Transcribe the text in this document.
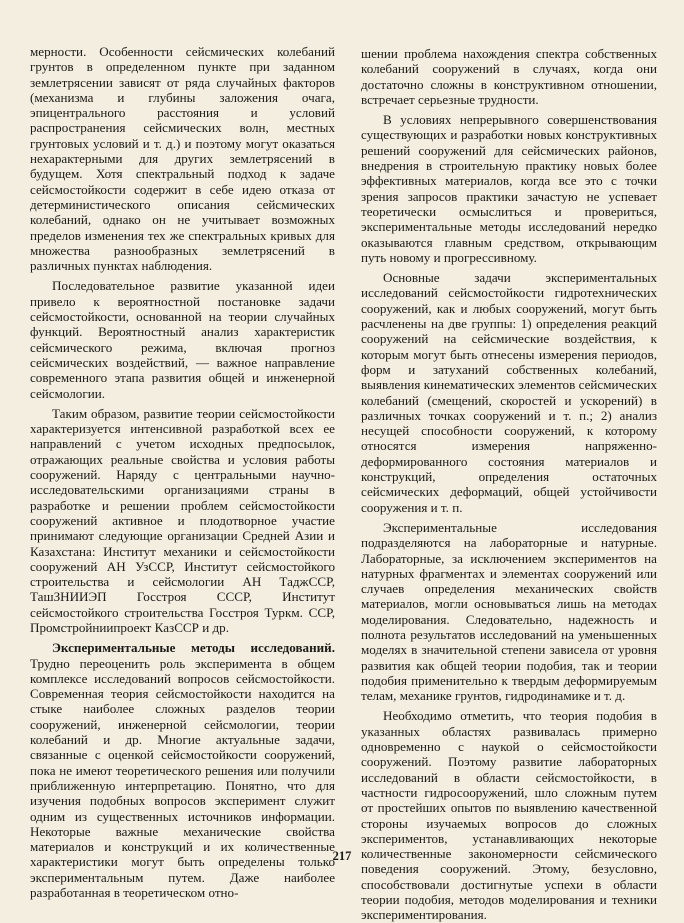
мерности. Особенности сейсмических колебаний грунтов в определенном пункте при заданном землетрясении зависят от ряда случайных факторов (механизма и глубины заложения очага, эпицентрального расстояния и условий распространения сейсмических волн, местных грунтовых условий и т. д.) и поэтому могут оказаться нехарактерными для других землетрясений в будущем. Хотя спектральный подход к задаче сейсмостойкости содержит в себе идею отказа от детерминистического описания сейсмических колебаний, однако он не учитывает возможных пределов изменения тех же спектральных кривых для множества разнообразных землетрясений в различных пунктах наблюдения.

Последовательное развитие указанной идеи привело к вероятностной постановке задачи сейсмостойкости, основанной на теории случайных функций. Вероятностный анализ характеристик сейсмического режима, включая прогноз сейсмических воздействий, — важное направление современного этапа развития общей и инженерной сейсмологии.

Таким образом, развитие теории сейсмостойкости характеризуется интенсивной разработкой всех ее направлений с учетом исходных предпосылок, отражающих реальные свойства и условия работы сооружений. Наряду с центральными научно-исследовательскими организациями страны в разработке и решении проблем сейсмостойкости сооружений активное и плодотворное участие принимают следующие организации Средней Азии и Казахстана: Институт механики и сейсмостойкости сооружений АН УзССР, Институт сейсмостойкого строительства и сейсмологии АН ТаджССР, ТашЗНИИЭП Госстроя СССР, Институт сейсмостойкого строительства Госстроя Туркм. ССР, Промстройниипроект КазССР и др.

Экспериментальные методы исследований. Трудно переоценить роль эксперимента в общем комплексе исследований вопросов сейсмостойкости. Современная теория сейсмостойкости находится на стыке наиболее сложных разделов теории сооружений, инженерной сейсмологии, теории колебаний и др. Многие актуальные задачи, связанные с оценкой сейсмостойкости сооружений, пока не имеют теоретического решения или получили приближенную интерпретацию. Понятно, что для изучения подобных вопросов эксперимент служит одним из существенных источников информации. Некоторые важные механические свойства материалов и конструкций и их количественные характеристики могут быть определены только экспериментальным путем. Даже наиболее разработанная в теоретическом отно-

шении проблема нахождения спектра собственных колебаний сооружений в случаях, когда они достаточно сложны в конструктивном отношении, встречает серьезные трудности.

В условиях непрерывного совершенствования существующих и разработки новых конструктивных решений сооружений для сейсмических районов, внедрения в строительную практику новых более эффективных материалов, когда все это с точки зрения запросов практики зачастую не успевает теоретически осмыслиться и провериться, экспериментальные методы исследований нередко оказываются главным средством, открывающим путь новому и прогрессивному.

Основные задачи экспериментальных исследований сейсмостойкости гидротехнических сооружений, как и любых сооружений, могут быть расчленены на две группы: 1) определения реакций сооружений на сейсмические воздействия, к которым могут быть отнесены измерения периодов, форм и затуханий собственных колебаний, выявления кинематических элементов сейсмических колебаний (смещений, скоростей и ускорений) в различных точках сооружений и т. п.; 2) анализ несущей способности сооружений, к которому относятся измерения напряженно-деформированного состояния материалов и конструкций, определения остаточных сейсмических деформаций, общей устойчивости сооружения и т. п.

Экспериментальные исследования подразделяются на лабораторные и натурные. Лабораторные, за исключением экспериментов на натурных фрагментах и элементах сооружений или случаев определения механических свойств материалов, могли основываться лишь на методах моделирования. Следовательно, надежность и полнота результатов исследований на уменьшенных моделях в значительной степени зависела от уровня развития как общей теории подобия, так и теории подобия применительно к твердым деформируемым телам, механике грунтов, гидродинамике и т. д.

Необходимо отметить, что теория подобия в указанных областях развивалась примерно одновременно с наукой о сейсмостойкости сооружений. Поэтому развитие лабораторных исследований в области сейсмостойкости, в частности гидросооружений, шло сложным путем от простейших опытов по выявлению качественной стороны изучаемых вопросов до сложных экспериментов, устанавливающих некоторые количественные закономерности сейсмического поведения сооружений. Этому, безусловно, способствовали достигнутые успехи в области теории подобия, методов моделирования и техники экспериментирования.

217
